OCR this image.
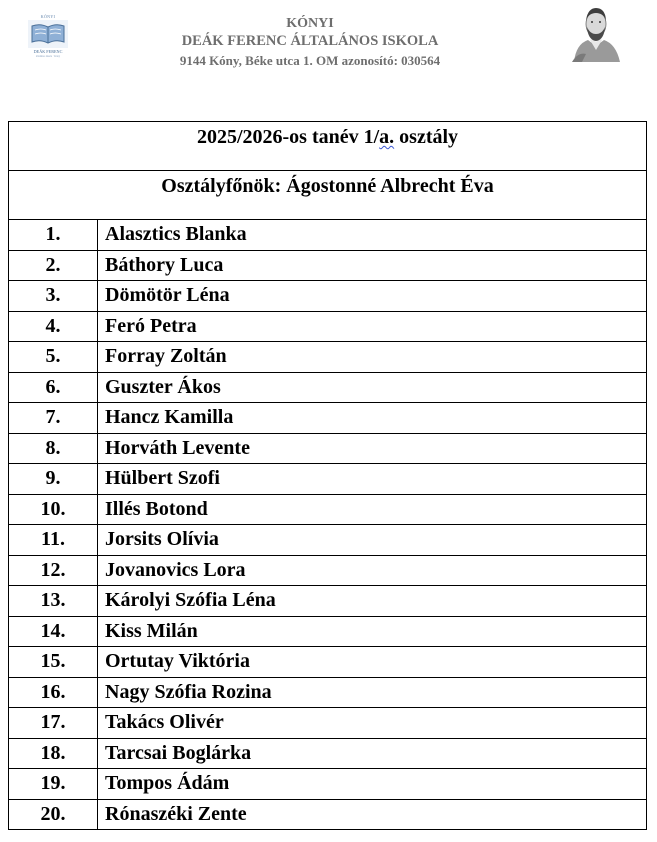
KÓNYI
DEÁK FERENC
általános iskola · Kóny
KÓNYI
DEÁK FERENC ÁLTALÁNOS ISKOLA
9144 Kóny, Béke utca 1. OM azonosító: 030564
2025/2026-os tanév 1/a. osztály	

Osztályfőnök: Ágostonné Albrecht Éva	

1.	Alasztics Blanka
2.	Báthory Luca
3.	Dömötör Léna
4.	Feró Petra
5.	Forray Zoltán
6.	Guszter Ákos
7.	Hancz Kamilla
8.	Horváth Levente
9.	Hülbert Szofi
10.	Illés Botond
11.	Jorsits Olívia
12.	Jovanovics Lora
13.	Károlyi Szófia Léna
14.	Kiss Milán
15.	Ortutay Viktória
16.	Nagy Szófia Rozina
17.	Takács Olivér
18.	Tarcsai Boglárka
19.	Tompos Ádám
20.	Rónaszéki Zente
